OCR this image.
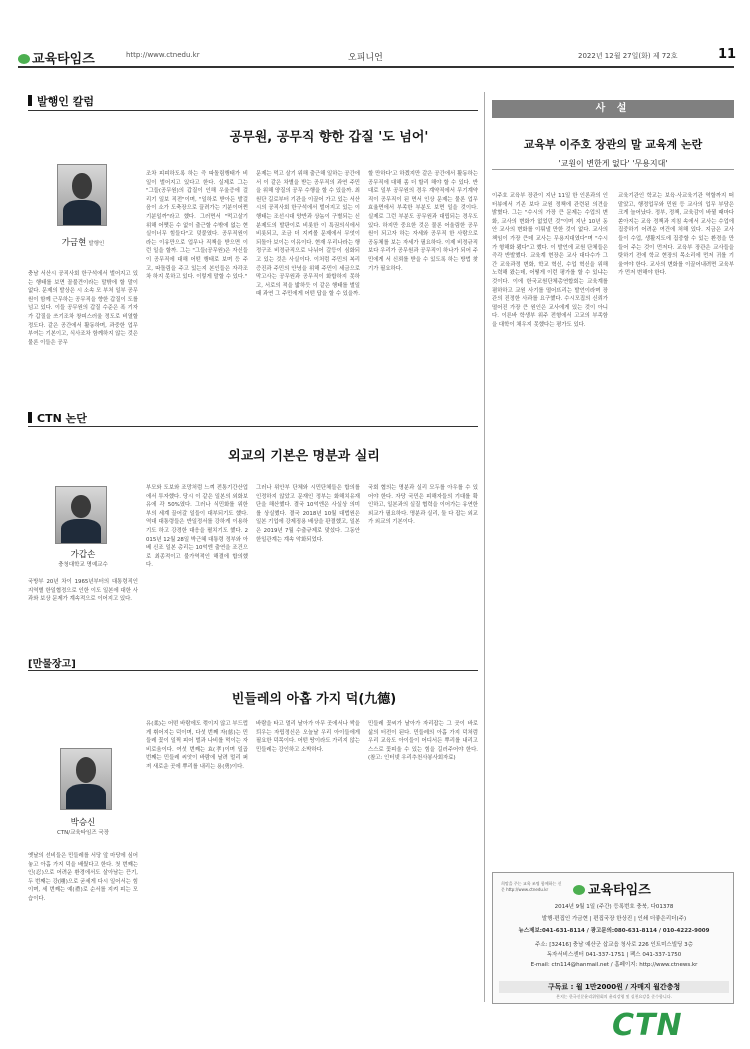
교육타임즈	http://www.ctnedu.kr	오피니언	2022년 12월 27일(화) 제 72호	11
발행인 칼럼
공무원, 공무직 향한 갑질 '도 넘어'
가금현 발행인
충남 서산시 공직사회 한구석에서 벌어지고 있는 행태를 보면 꼴불견이라는 말밖에 할 말이 없다. 문제의 발상은 시 소속 모 부처 일부 공무원이 함께 근무하는 공무직을 향한 갑질이 도를 넘고 있다. 이들 공무원의 갑질 수준은 폭 기자가 갑질을 쓰기조차 창피스러울 정도로 비열할 정도다. 같은 공간에서 활동하며, 과중한 업무부여는 기본이고, 식사조차 함께하지 않는 것은 물론 이들은 공무
조차 피피하도록 하는 즉 따돌림행태가 비일이 벌어지고 있다고 한다. 실제로 그는 "그들(공무원)의 갑질이 인해 우울증에 걸리기 일보 직전"이며, "일하로 받아든 발걸음이 소가 도축장으로 끌려가는 기분이어쩐 기분일까"라고 했다. 그러면서 "먹고살기 위해 어쨋든 수 없이 출근할 수밖에 없는 현실이너무 힘들다"고 덧붙였다. 공무직원이라는 이유만으로 업무나 직책을 받으면 이런 일을 할까. 그는 "그들(공무원)은 자신들이 공무직에 대해 어떤 행태로 보며 등 주고, 따돌림을 주고 있는지 본인들은 자각조차 하지 못하고 있다. 이렇게 말할 수 있다."
문제는 먹고 살기 위해 출근해 일하는 공간에서 이 같은 차별을 받는 공무직의 과연 주민을 위해 양질의 공무 수행을 할 수 있을까. 최원단 길로부터 기관을 이끌어 가고 있는 서산시의 공직사회 한구석에서 벌어지고 있는 이 행태는 조선시대 양반과 상놈이 구별되는 신분제도의 발판이로 비롯한 이 특권의식에서 비롯되고, 조금 더 지켜볼 문제에서 무엇이 되돌아 보이는 이유이다. 현재 우리나라는 행정구조 비정규직으로 나뉘어 갈등이 심화되고 있는 것은 사실이다. 이처럼 주민의 복리증진과 주민의 안녕을 위해 주민이 세금으로 막고사는 공무원과 공무직이 화합하지 못하고, 서로의 적을 밟하듯 이 같은 행태를 벌일 때 과연 그 주민에게 어떤 답을 할 수 있을까.
할 만하다'고 하겠지만 같은 공간에서 활동하는 공무직에 대해 좀 더 할리 해야 할 수 있다. 반대로 일부 공무원의 경우 계약직에서 무기계약직이 공무직이 된 면서 인상 문제는 물론 업무 효율면에서 부족한 부분도 보면 일을 것이다. 실제로 그런 부분도 공무원과 대립되는 경우도 있다. 하지만 중요한 것은 물론 어울림한 공무원이 되고자 하는 자세와 공무직 한 사람으로 공동체를 보는 자세가 필요하다. 이제 비정규직 보다 우리가 공무원과 공무직이 하나가 되어 주민에게 서 신뢰를 받을 수 있도록 하는 방법 찾기가 필요하다.
CTN 논단
외교의 기본은 명분과 실리
가갑손
충청대학교 명예교수
국방부 20년 차이 1965년부터의 대통령직인 지역별 한일협정으로 인한 이도 일본에 대한 사과와 보상 문제가 계속적으로 이어지고 있다.
부모와 도보와 조망처럼 느껴 전통기간산업에서 투자했다. 당시 이 같은 일본의 외화보유에 각 50%였다. 그러나 식민화를 위한 부의 세계 끌어갈 일들이 대부되기도 했다. 역대 대통령들은 반일정서를 강하게 이용하기도 하고 강경한 대응을 펼치기도 했다. 2015년 12월 28일 박근혜 대통령 정부와 아베 신조 일본 총리는 10억엔 출연을 조건으로 최종적이고 불가역적인 해결에 합의했다.
그러나 위안부 단체와 시민단체들은 합의를 인정하지 않았고 문재인 정부는 화해치유재단을 해산했다. 결국 10억엔은 사실상 의미를 상실했다. 결국 2018년 10월 대법원은 일본 기업에 강제징용 배상을 판결했고, 일본은 2019년 7월 수출규제로 맞섰다. 그동안 한일관계는 계속 악화되었다.
국회 협의는 명분과 실리 모두를 아우를 수 있어야 한다. 자당 국민은 피해자들의 기대를 확인하고, 일본과의 실질 협력을 이어가는 유연한 외교가 필요하다. 명분과 실리, 둘 다 잡는 외교가 외교의 기본이다.
[만물장고]
빈들레의 아홉 가지 덕(九德)
박승신
CTN/교육타임즈 국장
옛날의 선비들은 민들레를 서당 앞 마당에 심어 놓고 아홉 가지 덕을 배웠다고 한다. 첫 번째는 인(忍)으로 어려운 환경에서도 살아남는 끈기, 두 번째는 강(剛)으로 굳세게 다시 일어서는 힘이며, 세 번째는 예(禮)로 순서를 지켜 피는 모습이다.
유(柔)는 어떤 바람에도 꺾이지 않고 부드럽게 휘어지는 덕이며, 다섯 번째 자(慈)는 민들레 꽃이 일찍 피어 벌과 나비를 먹이는 자비로움이다. 여섯 번째는 효(孝)이며 일곱 번째는 민들레 씨앗이 바람에 날려 멀리 퍼져 새로운 곳에 뿌리를 내리는 용(勇)이다.
바람을 타고 멀리 날아가 아무 곳에서나 싹을 틔우는 자립정신은 오늘날 우리 아이들에게 필요한 덕목이다. 어떤 땅이라도 가리지 않는 민들레는 강인하고 소박하다.
민들레 꽃씨가 날아가 자리잡는 그 곳이 바로 삶의 터전이 된다. 민들레의 아홉 가지 덕처럼 우리 교육도 아이들이 어디서든 뿌리를 내리고 스스로 꽃피울 수 있는 힘을 길러주어야 한다. (참고: 인터넷 우리추천사봉사회자료)
사 설
교육부 이주호 장관의 말 교육계 논란
'교원이 변한게 없다' '무용지대'
이주호 교육부 장관이 지난 11일 한 인론과의 인터뷰에서 기존 보다 교원 정책에 관련된 의견을 밝혔다. 그는 "수시의 가장 큰 문제는 수업의 변화, 교사의 변화가 없었던 것"이며 지난 10년 동안 교사의 변화를 이뤄낼 만한 것이 없다. 교사의 책임이 가장 큰데 교사는 무용지대였다"며 "수시가 형해화 됐다"고 했다. 이 발언에 교원 단체들은 즉각 반발했다. 교육계 현장은 교사 대다수가 그간 교육과정 변화, 학교 혁신, 수업 혁신을 위해 노력해 왔는데, 어떻게 이런 평가를 할 수 있냐는 것이다. 이에 한국교원단체총연합회는 교육계를 폄하하고 교원 사기를 떨어뜨리는 발언이라며 장관의 진정한 사과를 요구했다. 수시모집의 신뢰가 떨어진 가장 큰 원인은 교사에게 있는 것이 아니다. 이른바 학생부 위주 전형에서 고교의 부족함을 대학이 채우지 못했다는 평가도 있다.
교육기관인 학교는 보육·사교육기관 역할까지 떠맡았고, 행정업무와 민원 등 교사의 업무 부담은 크게 늘어났다. 정부, 정책, 교육감이 바뀔 때마다 쏟아지는 교육 정책과 지침 속에서 교사는 수업에 집중하기 어려운 여건에 처해 있다. 지금은 교사들이 수업, 생활지도에 집중할 수 있는 환경을 만들어 주는 것이 먼저다. 교육부 장관은 교사들을 탓하기 전에 학교 현장의 목소리에 먼저 귀를 기울여야 한다. 교사의 변화를 이끌어내려면 교육부가 먼저 변해야 한다.
희망을 주는 교육 조명 함께하는 신문 http://www.ctnedu.kr	교육타임즈
2014년 9월 1일 (주간) 등록번호 충북, 다01378
발행·편집인 가금현 | 편집국장 한상진 | 인쇄 더좋은리더(주)
뉴스제보:041-631-8114 / 광고문의:080-631-8114 / 010-4222-9009
주소: [32416] 충남 예산군 삽교읍 청사로 226 인트미스빌딩 3층
독자서비스센터 041-337-1751 | 팩스 041-337-1750
E-mail: ctn114@hanmail.net / 홈페이지: http://www.ctnews.kr
구독료 : 월 1만2000원 / 자매지 월간충청
본지는 한국신문윤리위원회의 윤리강령 및 실천요강을 준수합니다.
CTN
